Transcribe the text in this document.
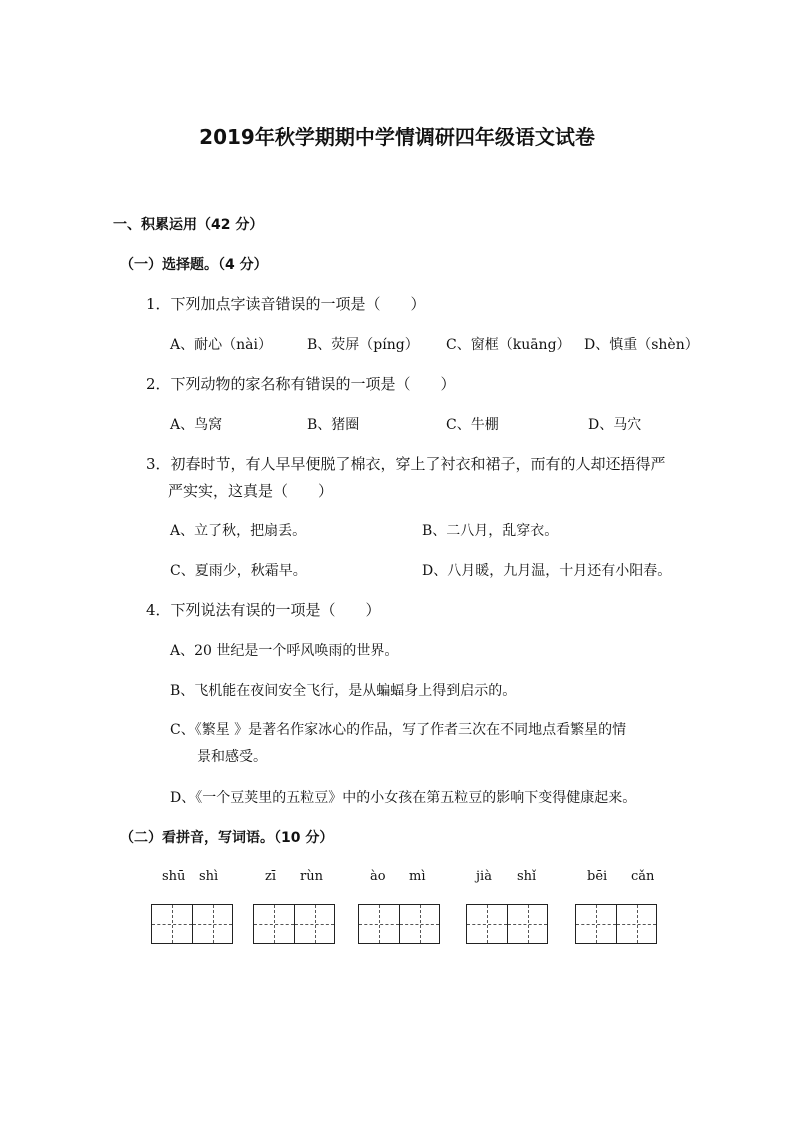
2019年秋学期期中学情调研四年级语文试卷
一、积累运用（42 分）
（一）选择题。（4 分）
1．下列加点字读音错误的一项是（　　）
A、耐心（nài）	B、荧屏（píng） C、窗框（kuāng） D、慎重（shèn）
2．下列动物的家名称有错误的一项是（　　）
A、鸟窝	B、猪圈	C、牛棚	D、马穴
3．初春时节，有人早早便脱了棉衣，穿上了衬衣和裙子，而有的人却还捂得严
严实实，这真是（　　）
A、立了秋，把扇丢。	B、二八月，乱穿衣。
C、夏雨少，秋霜早。	D、八月暖，九月温，十月还有小阳春。
4．下列说法有误的一项是（　　）
A、20 世纪是一个呼风唤雨的世界。
B、飞机能在夜间安全飞行，是从蝙蝠身上得到启示的。
C、《繁星 》是著名作家冰心的作品，写了作者三次在不同地点看繁星的情
景和感受。
D、《一个豆荚里的五粒豆》中的小女孩在第五粒豆的影响下变得健康起来。
（二）看拼音，写词语。（10 分）
shū shì	zī rùn	ào mì	jià shǐ	bēi cǎn
